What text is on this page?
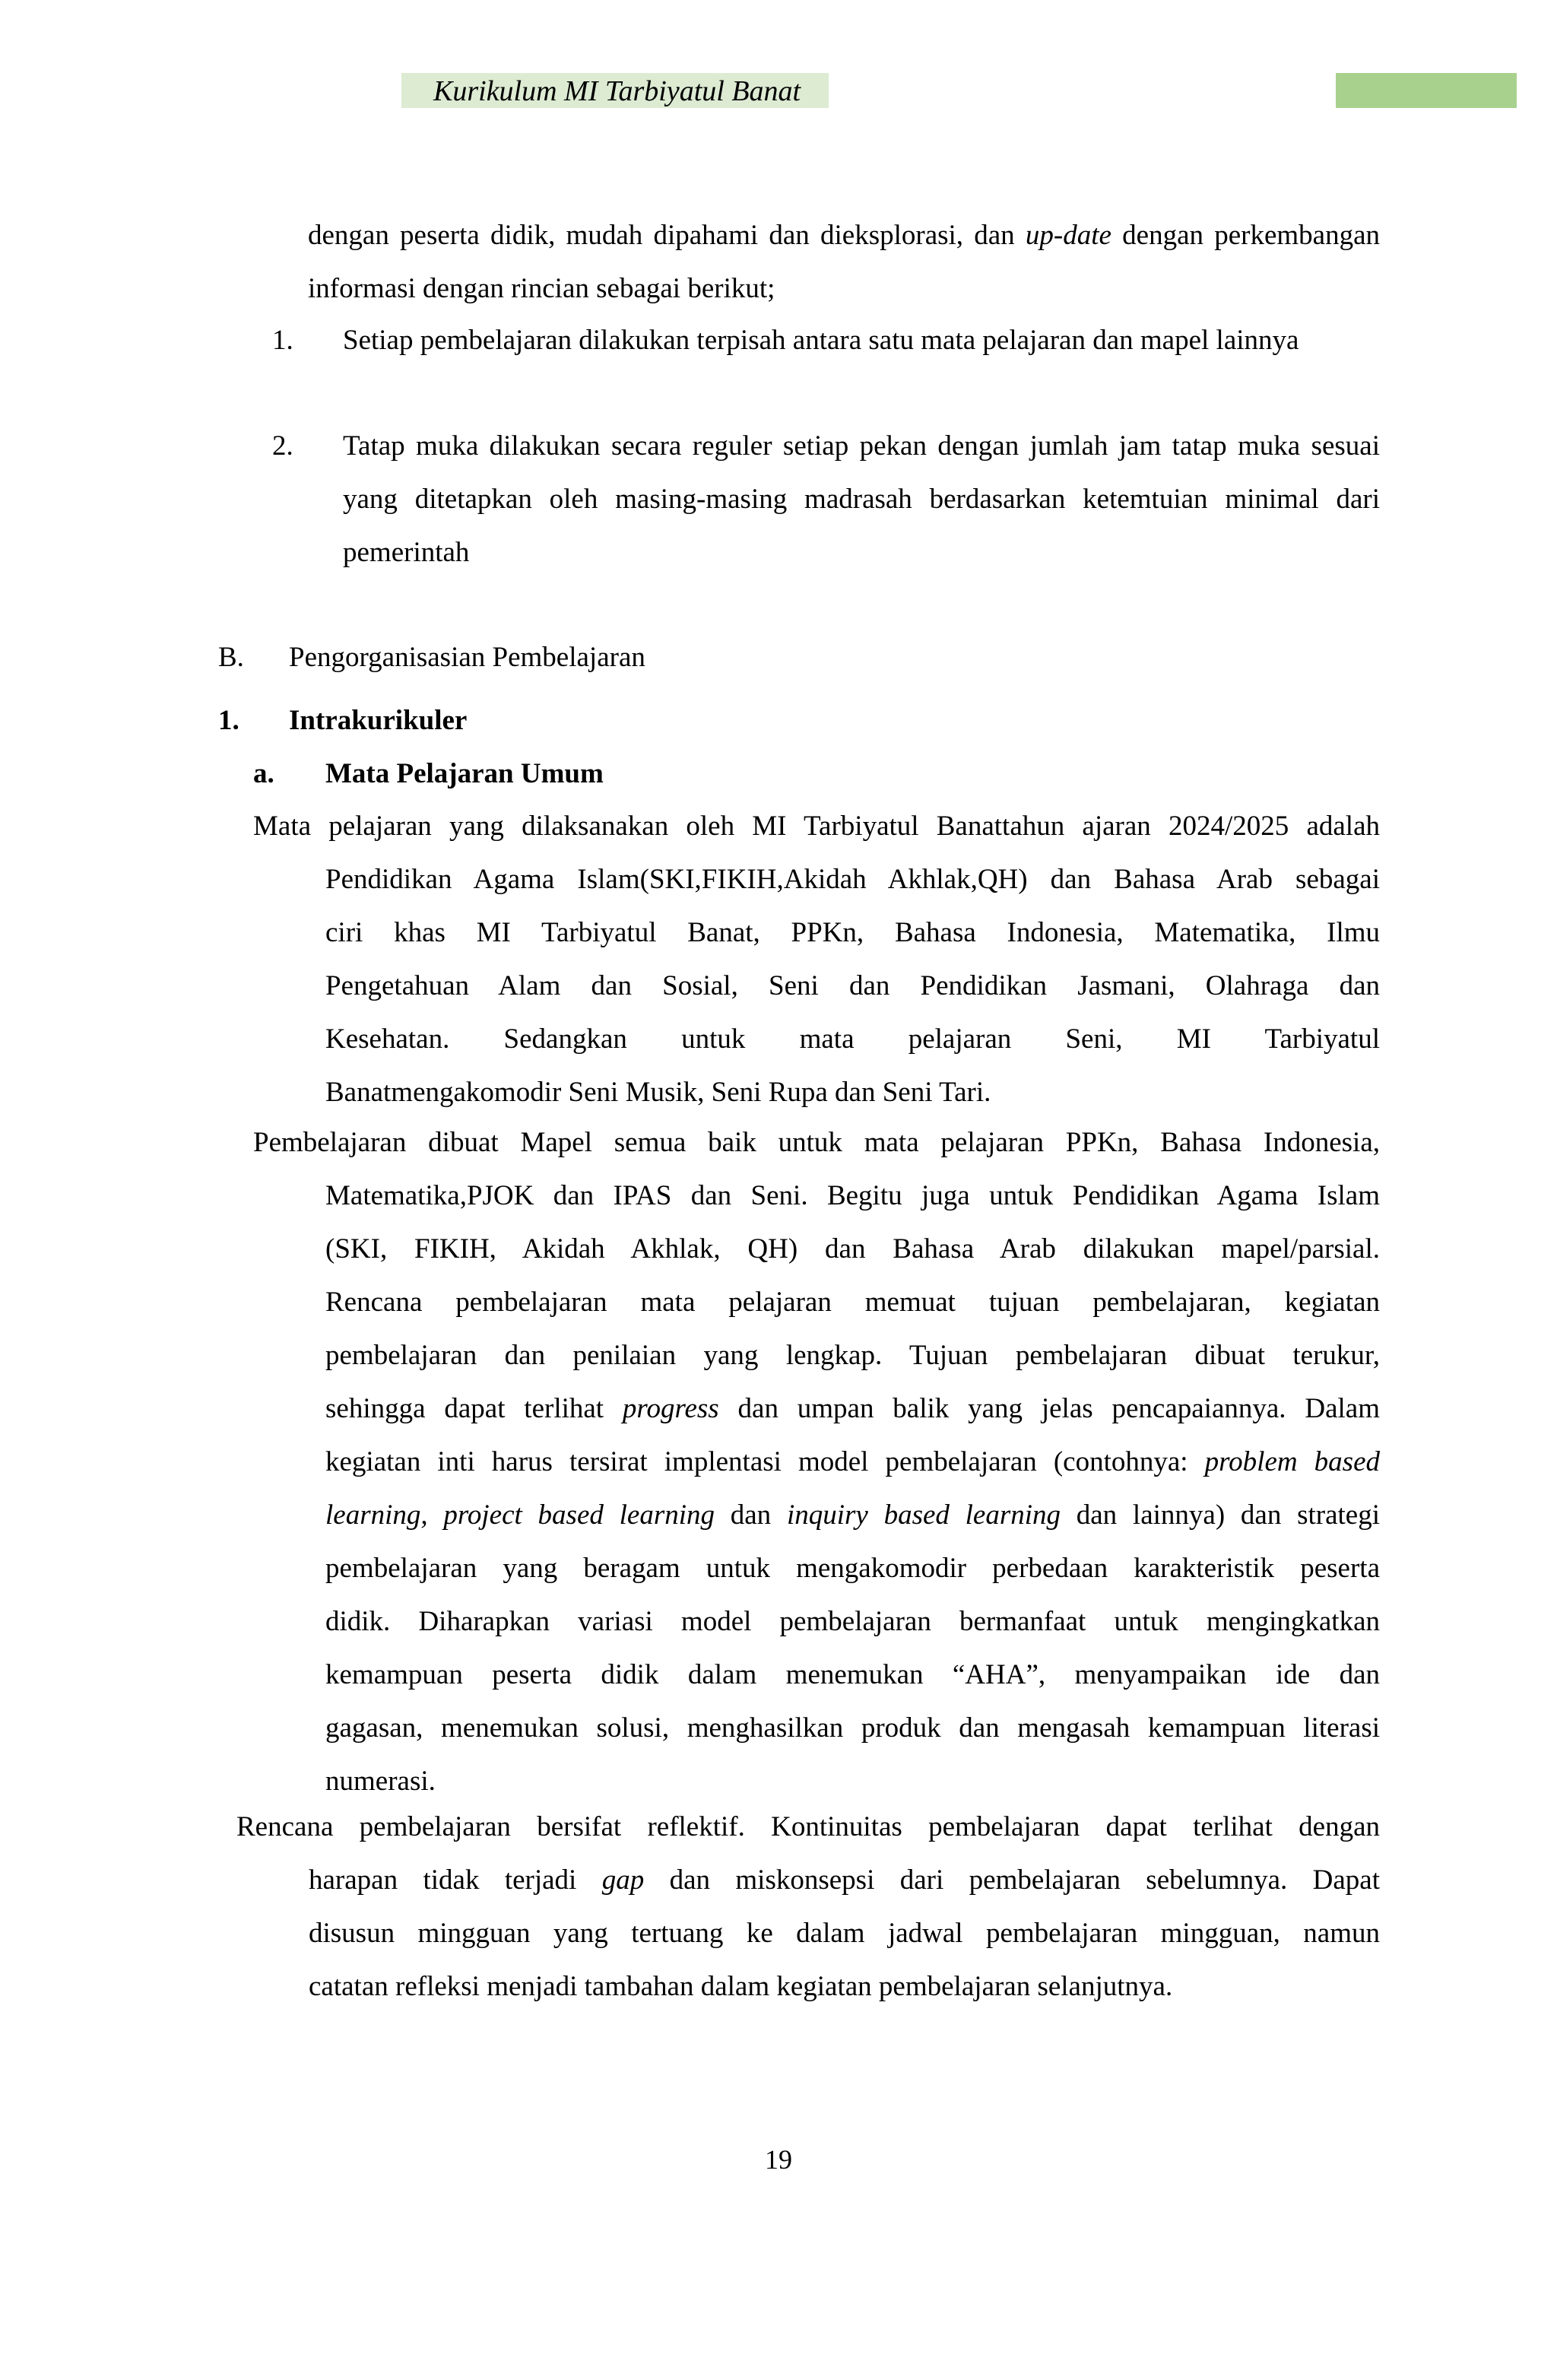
Kurikulum MI Tarbiyatul Banat
dengan peserta didik, mudah dipahami dan dieksplorasi, dan up-date dengan perkembangan informasi dengan rincian sebagai berikut;
1. Setiap pembelajaran dilakukan terpisah antara satu mata pelajaran dan mapel lainnya
2. Tatap muka dilakukan secara reguler setiap pekan dengan jumlah jam tatap muka sesuai yang ditetapkan oleh masing-masing madrasah berdasarkan ketemtuian minimal dari pemerintah
B. Pengorganisasian Pembelajaran
1. Intrakurikuler
a. Mata Pelajaran Umum
Mata pelajaran yang dilaksanakan oleh MI Tarbiyatul Banattahun ajaran 2024/2025 adalah
Pendidikan Agama Islam(SKI,FIKIH,Akidah Akhlak,QH) dan Bahasa Arab sebagai
ciri khas MI Tarbiyatul Banat, PPKn, Bahasa Indonesia, Matematika, Ilmu
Pengetahuan Alam dan Sosial, Seni dan Pendidikan Jasmani, Olahraga dan
Kesehatan. Sedangkan untuk mata pelajaran Seni, MI Tarbiyatul
Banatmengakomodir Seni Musik, Seni Rupa dan Seni Tari.
Pembelajaran dibuat Mapel semua baik untuk mata pelajaran PPKn, Bahasa Indonesia,
Matematika,PJOK dan IPAS dan Seni. Begitu juga untuk Pendidikan Agama Islam
(SKI, FIKIH, Akidah Akhlak, QH) dan Bahasa Arab dilakukan mapel/parsial.
Rencana pembelajaran mata pelajaran memuat tujuan pembelajaran, kegiatan
pembelajaran dan penilaian yang lengkap. Tujuan pembelajaran dibuat terukur,
sehingga dapat terlihat progress dan umpan balik yang jelas pencapaiannya. Dalam
kegiatan inti harus tersirat implentasi model pembelajaran (contohnya: problem based
learning, project based learning dan inquiry based learning dan lainnya) dan strategi
pembelajaran yang beragam untuk mengakomodir perbedaan karakteristik peserta
didik. Diharapkan variasi model pembelajaran bermanfaat untuk mengingkatkan
kemampuan peserta didik dalam menemukan “AHA”, menyampaikan ide dan
gagasan, menemukan solusi, menghasilkan produk dan mengasah kemampuan literasi
numerasi.
Rencana pembelajaran bersifat reflektif. Kontinuitas pembelajaran dapat terlihat dengan
harapan tidak terjadi gap dan miskonsepsi dari pembelajaran sebelumnya. Dapat
disusun mingguan yang tertuang ke dalam jadwal pembelajaran mingguan, namun
catatan refleksi menjadi tambahan dalam kegiatan pembelajaran selanjutnya.
19
